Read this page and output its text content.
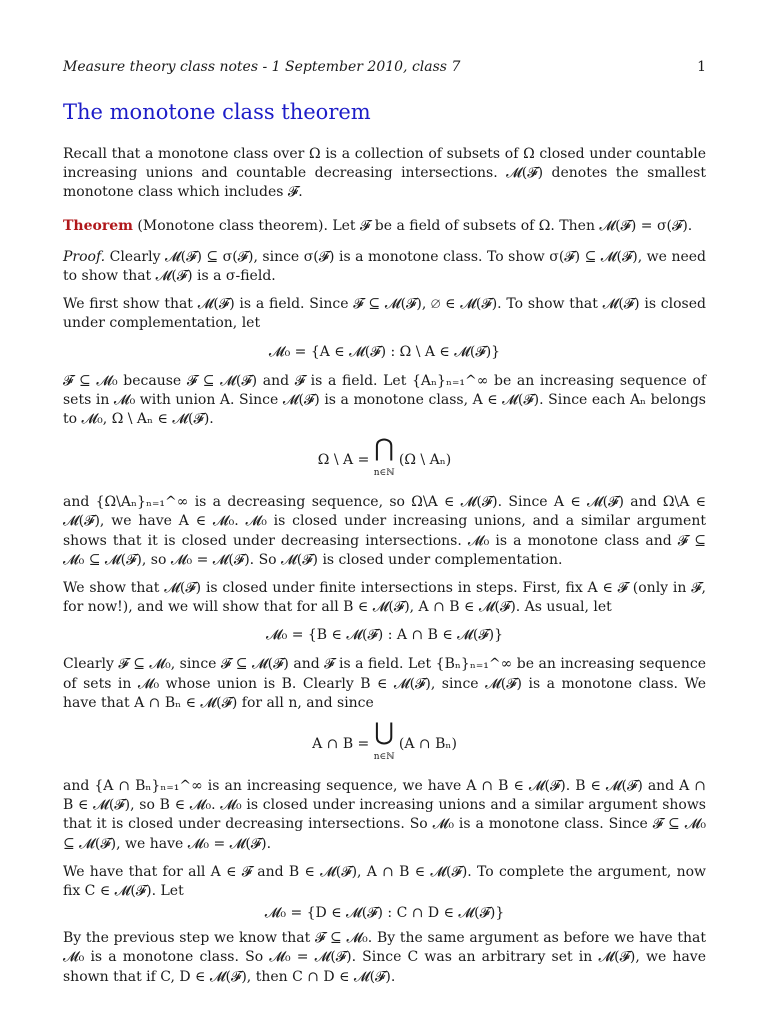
Measure theory class notes - 1 September 2010, class 7	1
The monotone class theorem

Recall that a monotone class over Ω is a collection of subsets of Ω closed under countable increasing unions and countable decreasing intersections. 𝓜(𝓕) denotes the smallest monotone class which includes 𝓕.

Theorem (Monotone class theorem). Let 𝓕 be a field of subsets of Ω. Then 𝓜(𝓕) = σ(𝓕).

Proof. Clearly 𝓜(𝓕) ⊆ σ(𝓕), since σ(𝓕) is a monotone class. To show σ(𝓕) ⊆ 𝓜(𝓕), we need to show that 𝓜(𝓕) is a σ-field.

We first show that 𝓜(𝓕) is a field. Since 𝓕 ⊆ 𝓜(𝓕), ∅ ∈ 𝓜(𝓕). To show that 𝓜(𝓕) is closed under complementation, let

𝓜₀ = {A ∈ 𝓜(𝓕) : Ω \ A ∈ 𝓜(𝓕)}

𝓕 ⊆ 𝓜₀ because 𝓕 ⊆ 𝓜(𝓕) and 𝓕 is a field. Let {Aₙ}ₙ₌₁^∞ be an increasing sequence of sets in 𝓜₀ with union A. Since 𝓜(𝓕) is a monotone class, A ∈ 𝓜(𝓕). Since each Aₙ belongs to 𝓜₀, Ω \ Aₙ ∈ 𝓜(𝓕).

Ω \ A = ⋂
$_{n\in ℕ}$ (Ω \ Aₙ)

and {Ω\Aₙ}ₙ₌₁^∞ is a decreasing sequence, so Ω\A ∈ 𝓜(𝓕). Since A ∈ 𝓜(𝓕) and Ω\A ∈ 𝓜(𝓕), we have A ∈ 𝓜₀. 𝓜₀ is closed under increasing unions, and a similar argument shows that it is closed under decreasing intersections. 𝓜₀ is a monotone class and 𝓕 ⊆ 𝓜₀ ⊆ 𝓜(𝓕), so 𝓜₀ = 𝓜(𝓕). So 𝓜(𝓕) is closed under complementation.

We show that 𝓜(𝓕) is closed under finite intersections in steps. First, fix A ∈ 𝓕 (only in 𝓕, for now!), and we will show that for all B ∈ 𝓜(𝓕), A ∩ B ∈ 𝓜(𝓕). As usual, let

𝓜₀ = {B ∈ 𝓜(𝓕) : A ∩ B ∈ 𝓜(𝓕)}

Clearly 𝓕 ⊆ 𝓜₀, since 𝓕 ⊆ 𝓜(𝓕) and 𝓕 is a field. Let {Bₙ}ₙ₌₁^∞ be an increasing sequence of sets in 𝓜₀ whose union is B. Clearly B ∈ 𝓜(𝓕), since 𝓜(𝓕) is a monotone class. We have that A ∩ Bₙ ∈ 𝓜(𝓕) for all n, and since

A ∩ B = ⋃
$_{n\in ℕ}$ (A ∩ Bₙ)

and {A ∩ Bₙ}ₙ₌₁^∞ is an increasing sequence, we have A ∩ B ∈ 𝓜(𝓕). B ∈ 𝓜(𝓕) and A ∩ B ∈ 𝓜(𝓕), so B ∈ 𝓜₀. 𝓜₀ is closed under increasing unions and a similar argument shows that it is closed under decreasing intersections. So 𝓜₀ is a monotone class. Since 𝓕 ⊆ 𝓜₀ ⊆ 𝓜(𝓕), we have 𝓜₀ = 𝓜(𝓕).

We have that for all A ∈ 𝓕 and B ∈ 𝓜(𝓕), A ∩ B ∈ 𝓜(𝓕). To complete the argument, now fix C ∈ 𝓜(𝓕). Let

𝓜₀ = {D ∈ 𝓜(𝓕) : C ∩ D ∈ 𝓜(𝓕)}

By the previous step we know that 𝓕 ⊆ 𝓜₀. By the same argument as before we have that 𝓜₀ is a monotone class. So 𝓜₀ = 𝓜(𝓕). Since C was an arbitrary set in 𝓜(𝓕), we have shown that if C, D ∈ 𝓜(𝓕), then C ∩ D ∈ 𝓜(𝓕).
